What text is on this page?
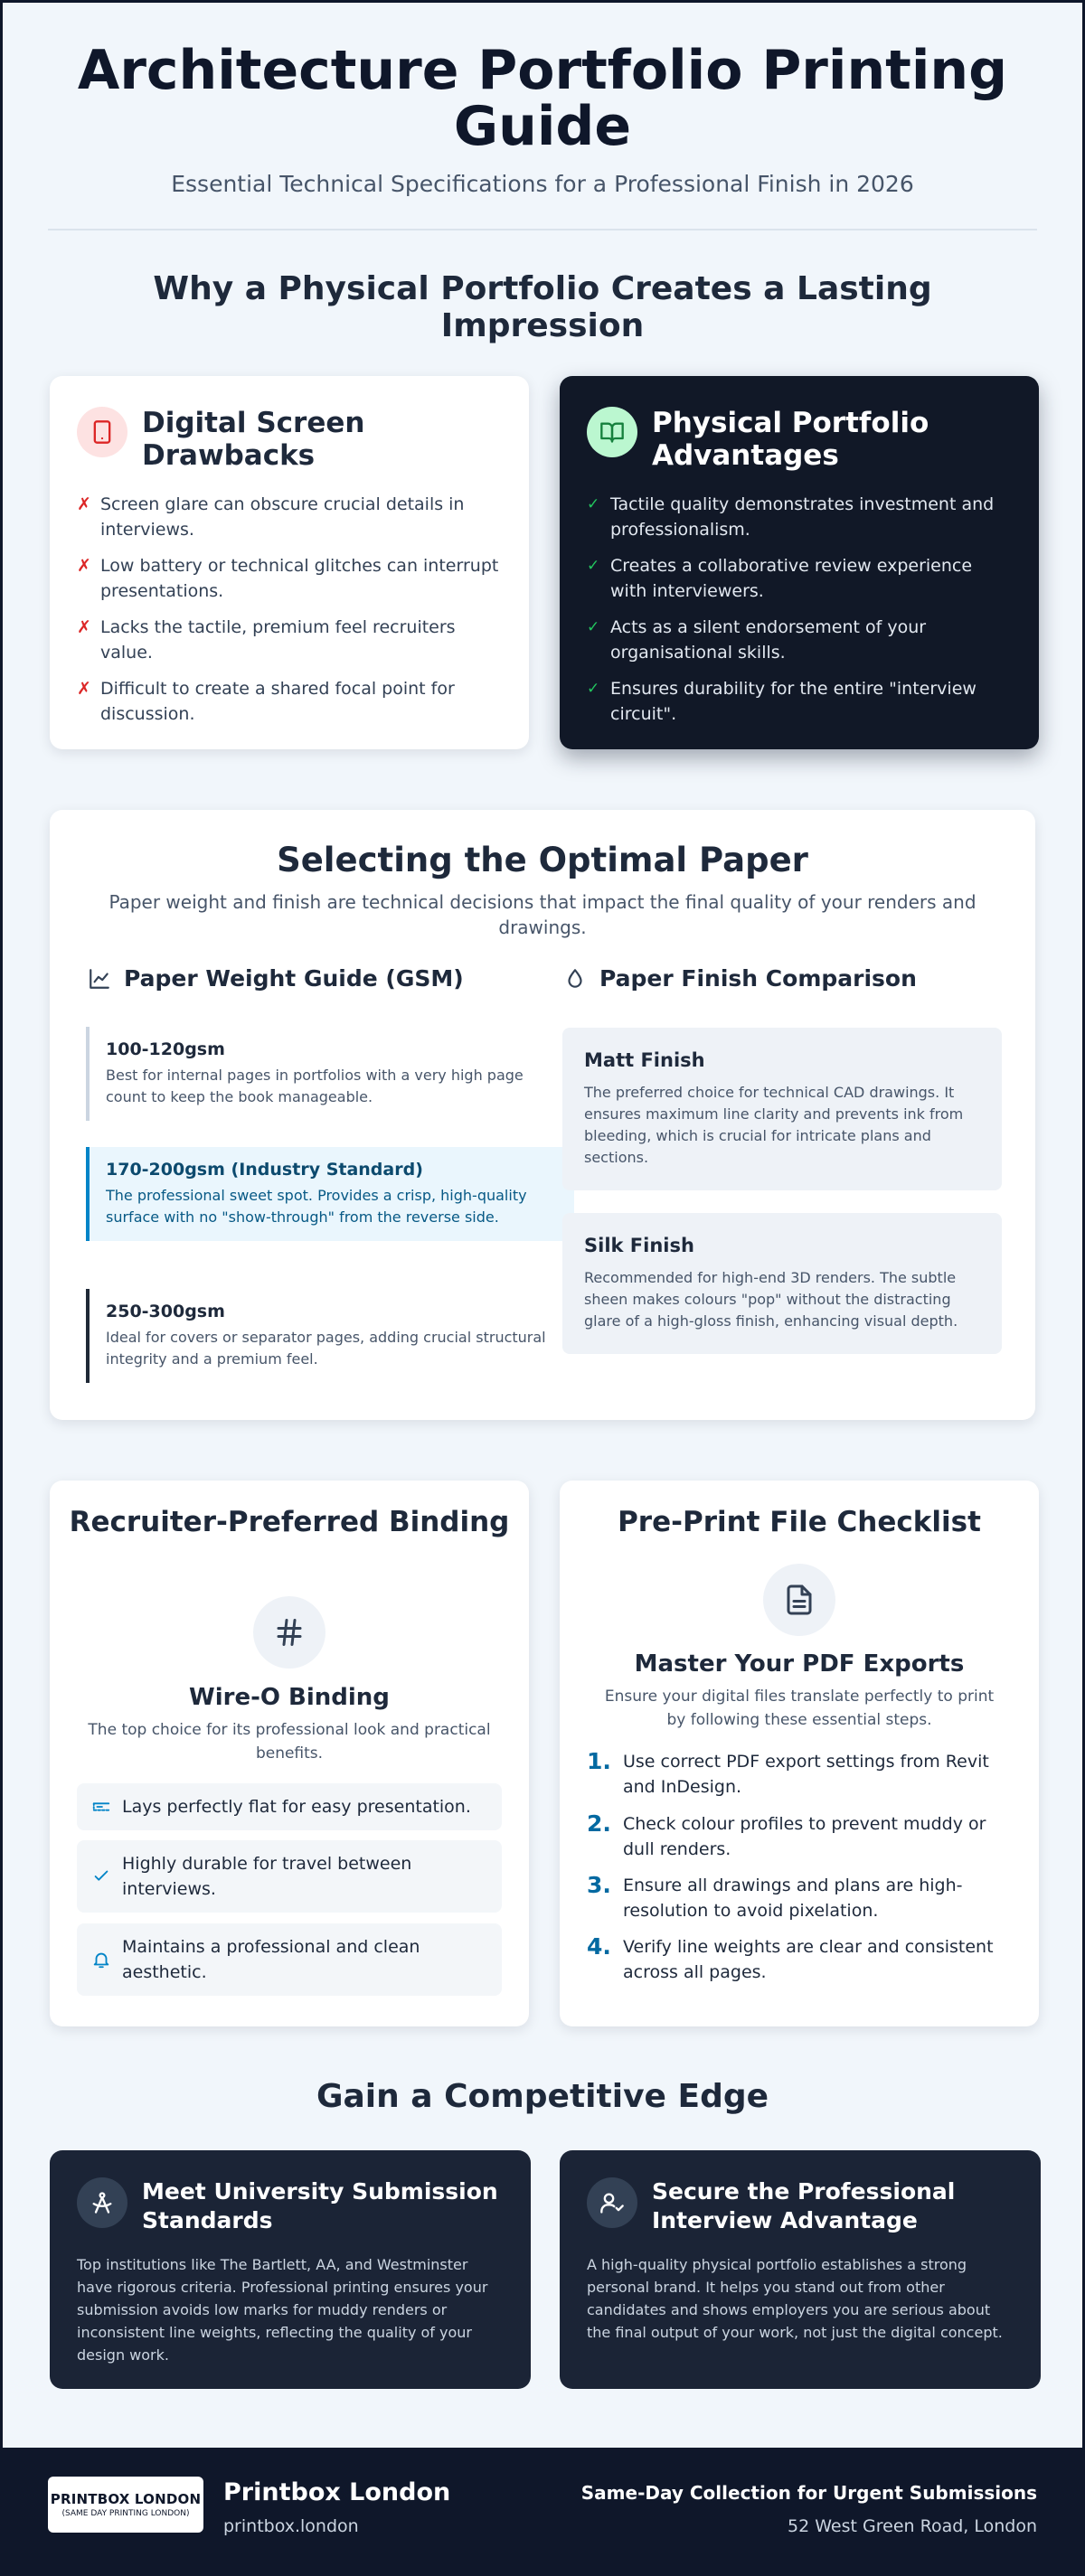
Architecture Portfolio Printing Guide
Essential Technical Specifications for a Professional Finish in 2026
Why a Physical Portfolio Creates a Lasting Impression
Digital Screen Drawbacks
✗ Screen glare can obscure crucial details in interviews.
✗ Low battery or technical glitches can interrupt presentations.
✗ Lacks the tactile, premium feel recruiters value.
✗ Difficult to create a shared focal point for discussion.
Physical Portfolio Advantages
✓ Tactile quality demonstrates investment and professionalism.
✓ Creates a collaborative review experience with interviewers.
✓ Acts as a silent endorsement of your organisational skills.
✓ Ensures durability for the entire "interview circuit".
Selecting the Optimal Paper
Paper weight and finish are technical decisions that impact the final quality of your renders and drawings.
Paper Weight Guide (GSM)	Paper Finish Comparison
100-120gsm
Best for internal pages in portfolios with a very high page count to keep the book manageable.
170-200gsm (Industry Standard)
The professional sweet spot. Provides a crisp, high-quality surface with no "show-through" from the reverse side.
250-300gsm
Ideal for covers or separator pages, adding crucial structural integrity and a premium feel.
Matt Finish
The preferred choice for technical CAD drawings. It ensures maximum line clarity and prevents ink from bleeding, which is crucial for intricate plans and sections.
Silk Finish
Recommended for high-end 3D renders. The subtle sheen makes colours "pop" without the distracting glare of a high-gloss finish, enhancing visual depth.
Recruiter-Preferred Binding
Wire-O Binding
The top choice for its professional look and practical benefits.
Lays perfectly flat for easy presentation.
Highly durable for travel between interviews.
Maintains a professional and clean aesthetic.
Pre-Print File Checklist
Master Your PDF Exports
Ensure your digital files translate perfectly to print by following these essential steps.
1. Use correct PDF export settings from Revit and InDesign.
2. Check colour profiles to prevent muddy or dull renders.
3. Ensure all drawings and plans are high-resolution to avoid pixelation.
4. Verify line weights are clear and consistent across all pages.
Gain a Competitive Edge
Meet University Submission Standards
Top institutions like The Bartlett, AA, and Westminster have rigorous criteria. Professional printing ensures your submission avoids low marks for muddy renders or inconsistent line weights, reflecting the quality of your design work.
Secure the Professional Interview Advantage
A high-quality physical portfolio establishes a strong personal brand. It helps you stand out from other candidates and shows employers you are serious about the final output of your work, not just the digital concept.
PRINTBOX LONDON
(SAME DAY PRINTING LONDON)
Printbox London
printbox.london
Same-Day Collection for Urgent Submissions
52 West Green Road, London
